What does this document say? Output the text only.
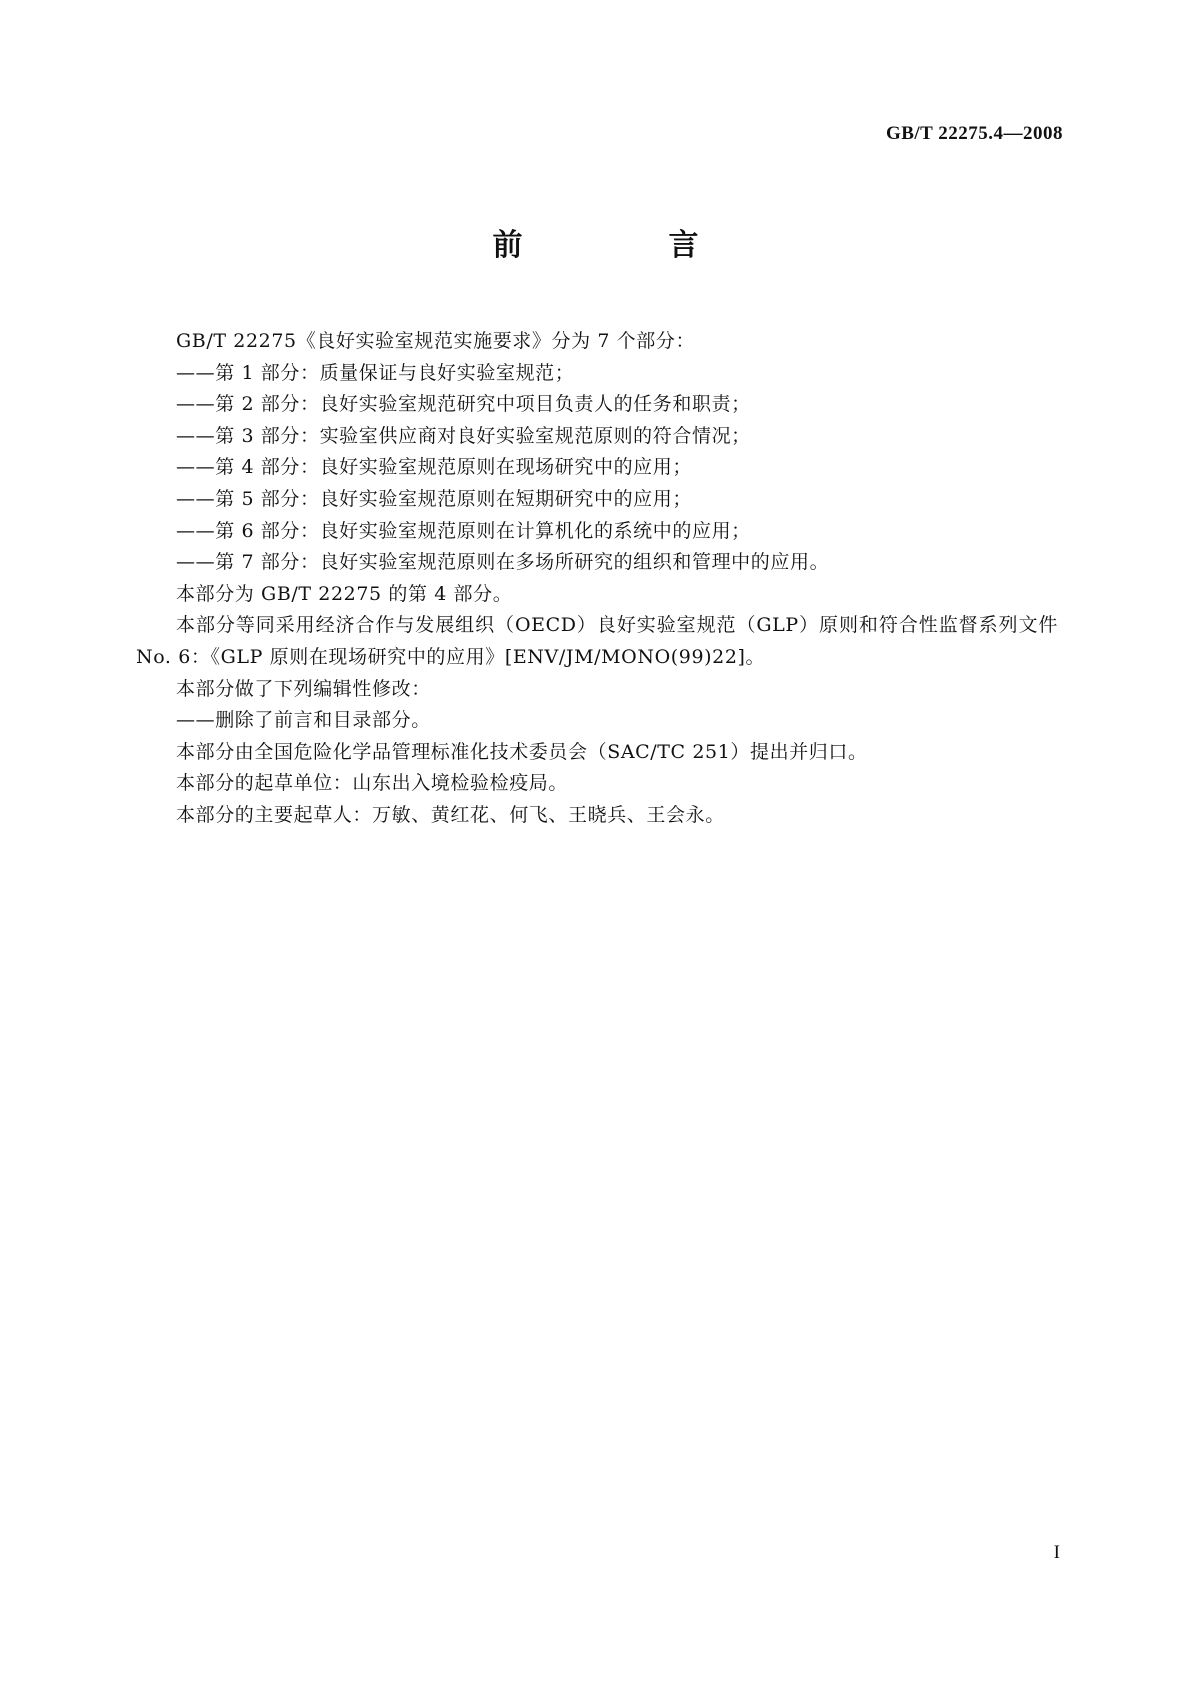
GB/T 22275.4—2008
前　言

GB/T 22275《良好实验室规范实施要求》分为 7 个部分：

——第 1 部分：质量保证与良好实验室规范；

——第 2 部分：良好实验室规范研究中项目负责人的任务和职责；

——第 3 部分：实验室供应商对良好实验室规范原则的符合情况；

——第 4 部分：良好实验室规范原则在现场研究中的应用；

——第 5 部分：良好实验室规范原则在短期研究中的应用；

——第 6 部分：良好实验室规范原则在计算机化的系统中的应用；

——第 7 部分：良好实验室规范原则在多场所研究的组织和管理中的应用。

本部分为 GB/T 22275 的第 4 部分。

本部分等同采用经济合作与发展组织（OECD）良好实验室规范（GLP）原则和符合性监督系列文件 No. 6：《GLP 原则在现场研究中的应用》[ENV/JM/MONO(99)22]。

本部分做了下列编辑性修改：

——删除了前言和目录部分。

本部分由全国危险化学品管理标准化技术委员会（SAC/TC 251）提出并归口。

本部分的起草单位：山东出入境检验检疫局。

本部分的主要起草人：万敏、黄红花、何飞、王晓兵、王会永。

I
